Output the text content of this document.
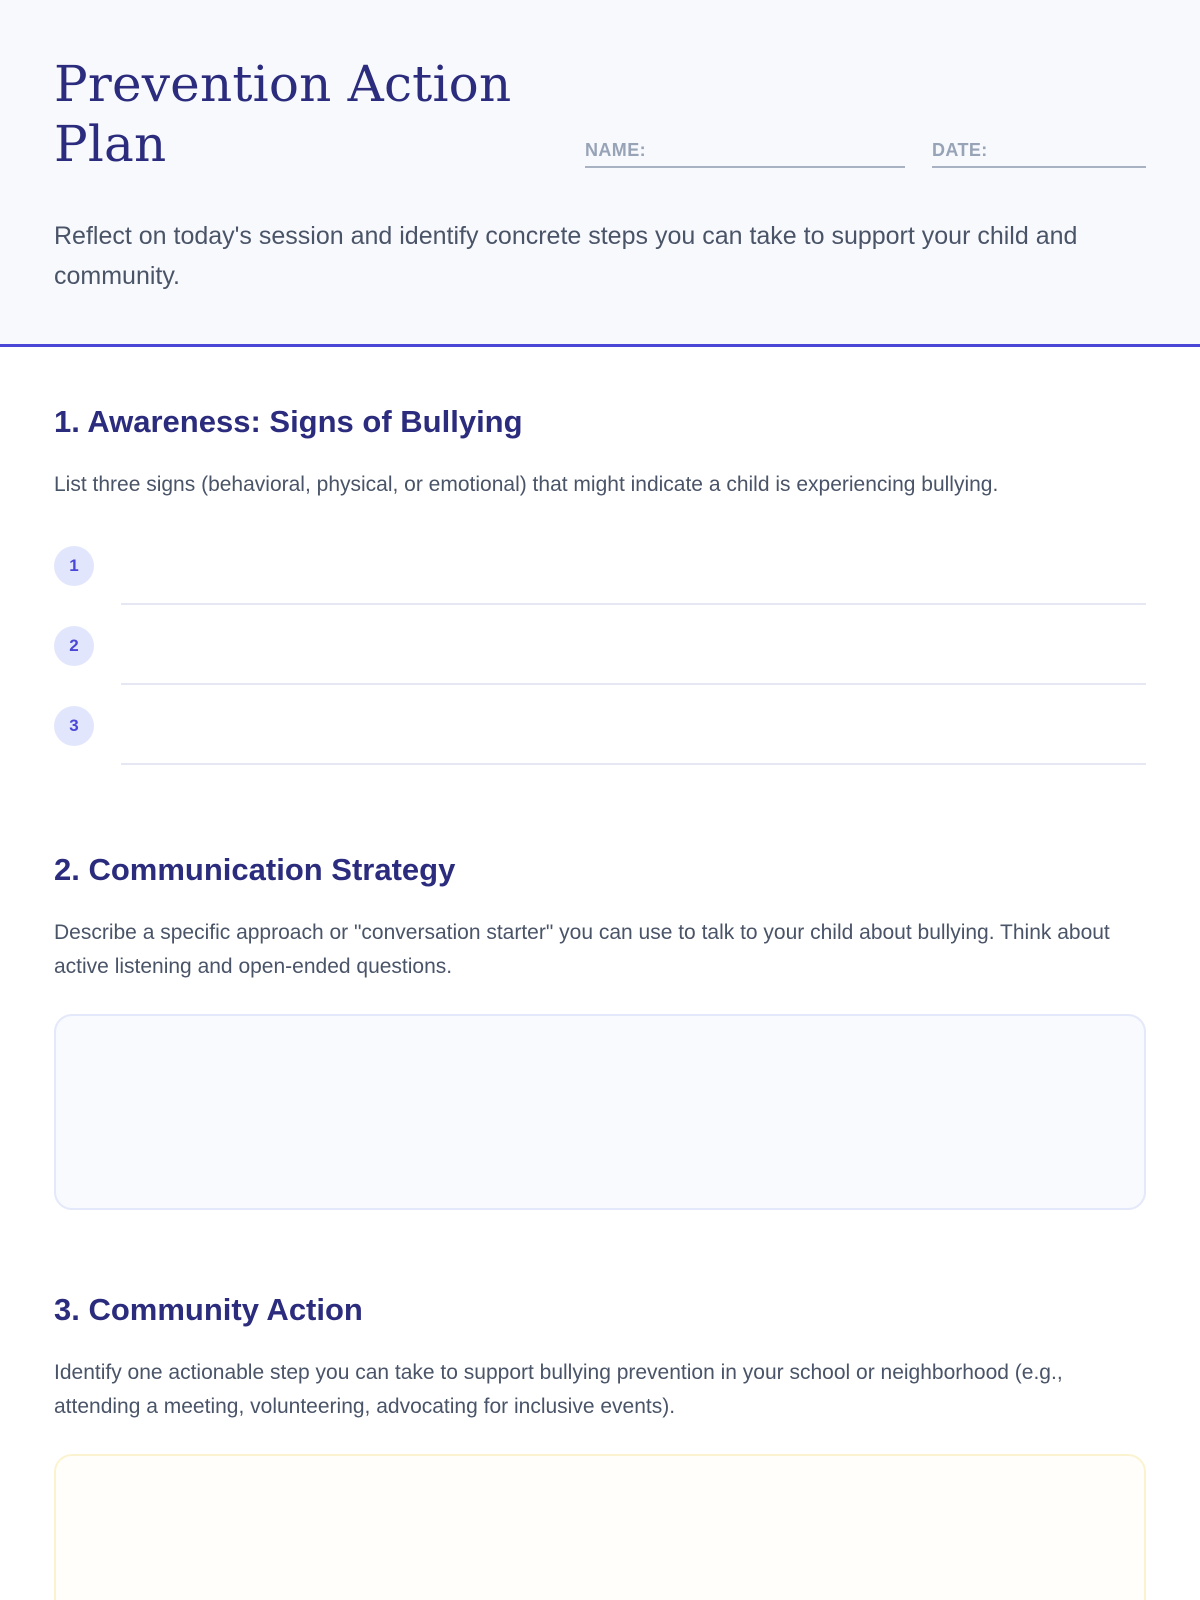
Prevention Action Plan	NAME:	DATE:

Reflect on today's session and identify concrete steps you can take to support your child and community.

1. Awareness: Signs of Bullying

List three signs (behavioral, physical, or emotional) that might indicate a child is experiencing bullying.

1
2
3
2. Communication Strategy

Describe a specific approach or "conversation starter" you can use to talk to your child about bullying. Think about active listening and open-ended questions.

3. Community Action

Identify one actionable step you can take to support bullying prevention in your school or neighborhood (e.g., attending a meeting, volunteering, advocating for inclusive events).
